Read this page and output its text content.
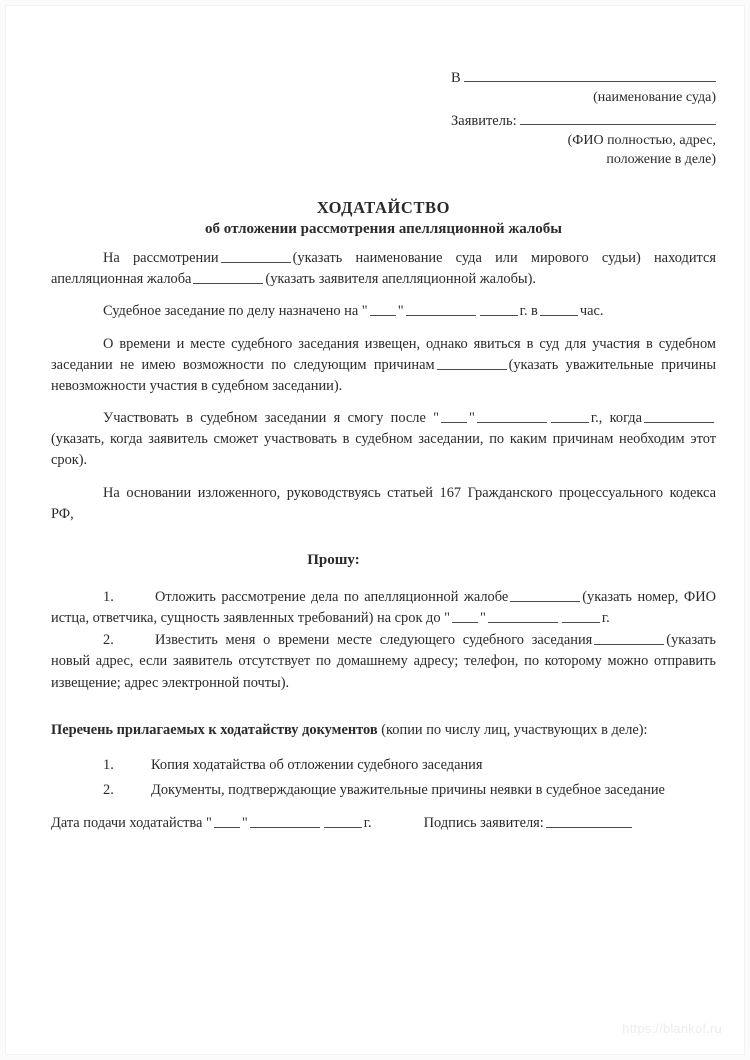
В
(наименование суда)
Заявитель:
(ФИО полностью, адрес,
положение в деле)
ХОДАТАЙСТВО
об отложении рассмотрения апелляционной жалобы

На рассмотрении	(указать наименование суда или мирового судьи) находится апелляционная жалоба	(указать заявителя апелляционной жалобы).

Судебное заседание по делу назначено на " "	г. в	час.

О времени и месте судебного заседания извещен, однако явиться в суд для участия в судебном заседании не имею возможности по следующим причинам	(указать уважительные причины невозможности участия в судебном заседании).

Участвовать в судебном заседании я смогу после " "	г., когда(указать, когда заявитель сможет участвовать в судебном заседании, по каким причинам необходим этот срок).

На основании изложенного, руководствуясь статьей 167 Гражданского процессуального кодекса РФ,

Прошу:

1.	Отложить рассмотрение дела по апелляционной жалобе	(указать номер, ФИО истца, ответчика, сущность заявленных требований) на срок до " "	г.

2.	Известить меня о времени месте следующего судебного заседания	(указать новый адрес, если заявитель отсутствует по домашнему адресу; телефон, по которому можно отправить извещение; адрес электронной почты).

Перечень прилагаемых к ходатайству документов (копии по числу лиц, участвующих в деле):

1.	Копия ходатайства об отложении судебного заседания

2.	Документы, подтверждающие уважительные причины неявки в судебное заседание

Дата подачи ходатайства " "	г.	Подпись заявителя:
https://blankof.ru
